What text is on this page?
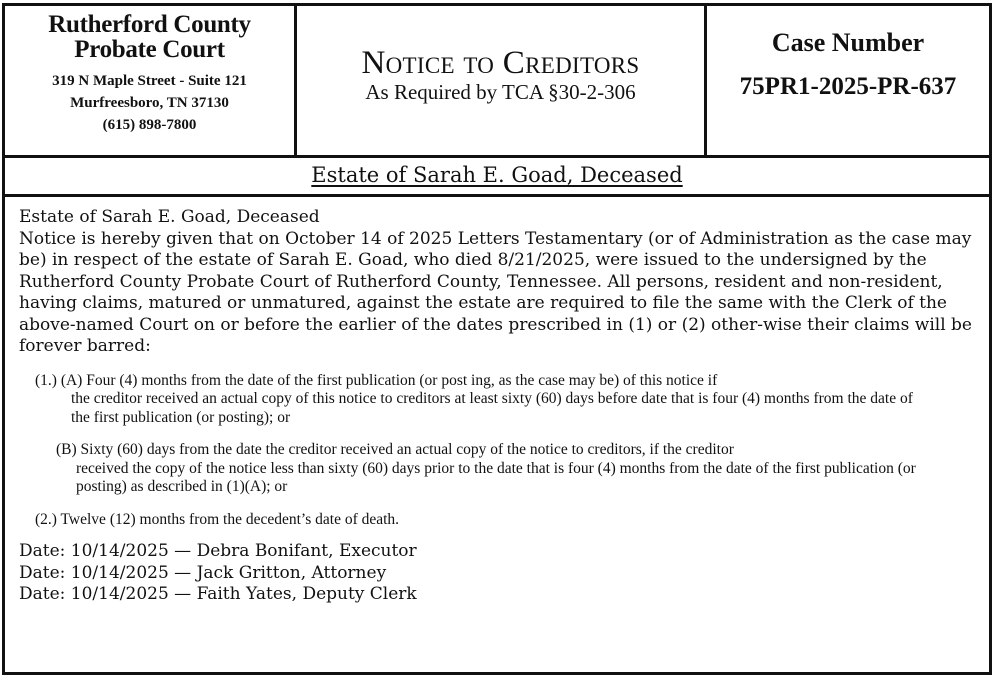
Rutherford County
Probate Court
319 N Maple Street - Suite 121
Murfreesboro, TN 37130
(615) 898-7800
Notice to Creditors
As Required by TCA §30-2-306
Case Number
75PR1-2025-PR-637
Estate of Sarah E. Goad, Deceased

Estate of Sarah E. Goad, Deceased

Notice is hereby given that on October 14 of 2025 Letters Testamentary (or of Administration as the case may be) in respect of the estate of Sarah E. Goad, who died 8/21/2025, were issued to the undersigned by the Rutherford County Probate Court of Rutherford County, Tennessee. All persons, resident and non-resident, having claims, matured or unmatured, against the estate are required to file the same with the Clerk of the above-named Court on or before the earlier of the dates prescribed in (1) or (2) other-wise their claims will be forever barred:

(1.) (A) Four (4) months from the date of the first publication (or post ing, as the case may be) of this notice if
the creditor received an actual copy of this notice to creditors at least sixty (60) days before date that is four (4) months from the date of the first publication (or posting); or
(B) Sixty (60) days from the date the creditor received an actual copy of the notice to creditors, if the creditor
received the copy of the notice less than sixty (60) days prior to the date that is four (4) months from the date of the first publication (or posting) as described in (1)(A); or
(2.) Twelve (12) months from the decedent’s date of death.
Date: 10/14/2025 — Debra Bonifant, Executor
Date: 10/14/2025 — Jack Gritton, Attorney
Date: 10/14/2025 — Faith Yates, Deputy Clerk
